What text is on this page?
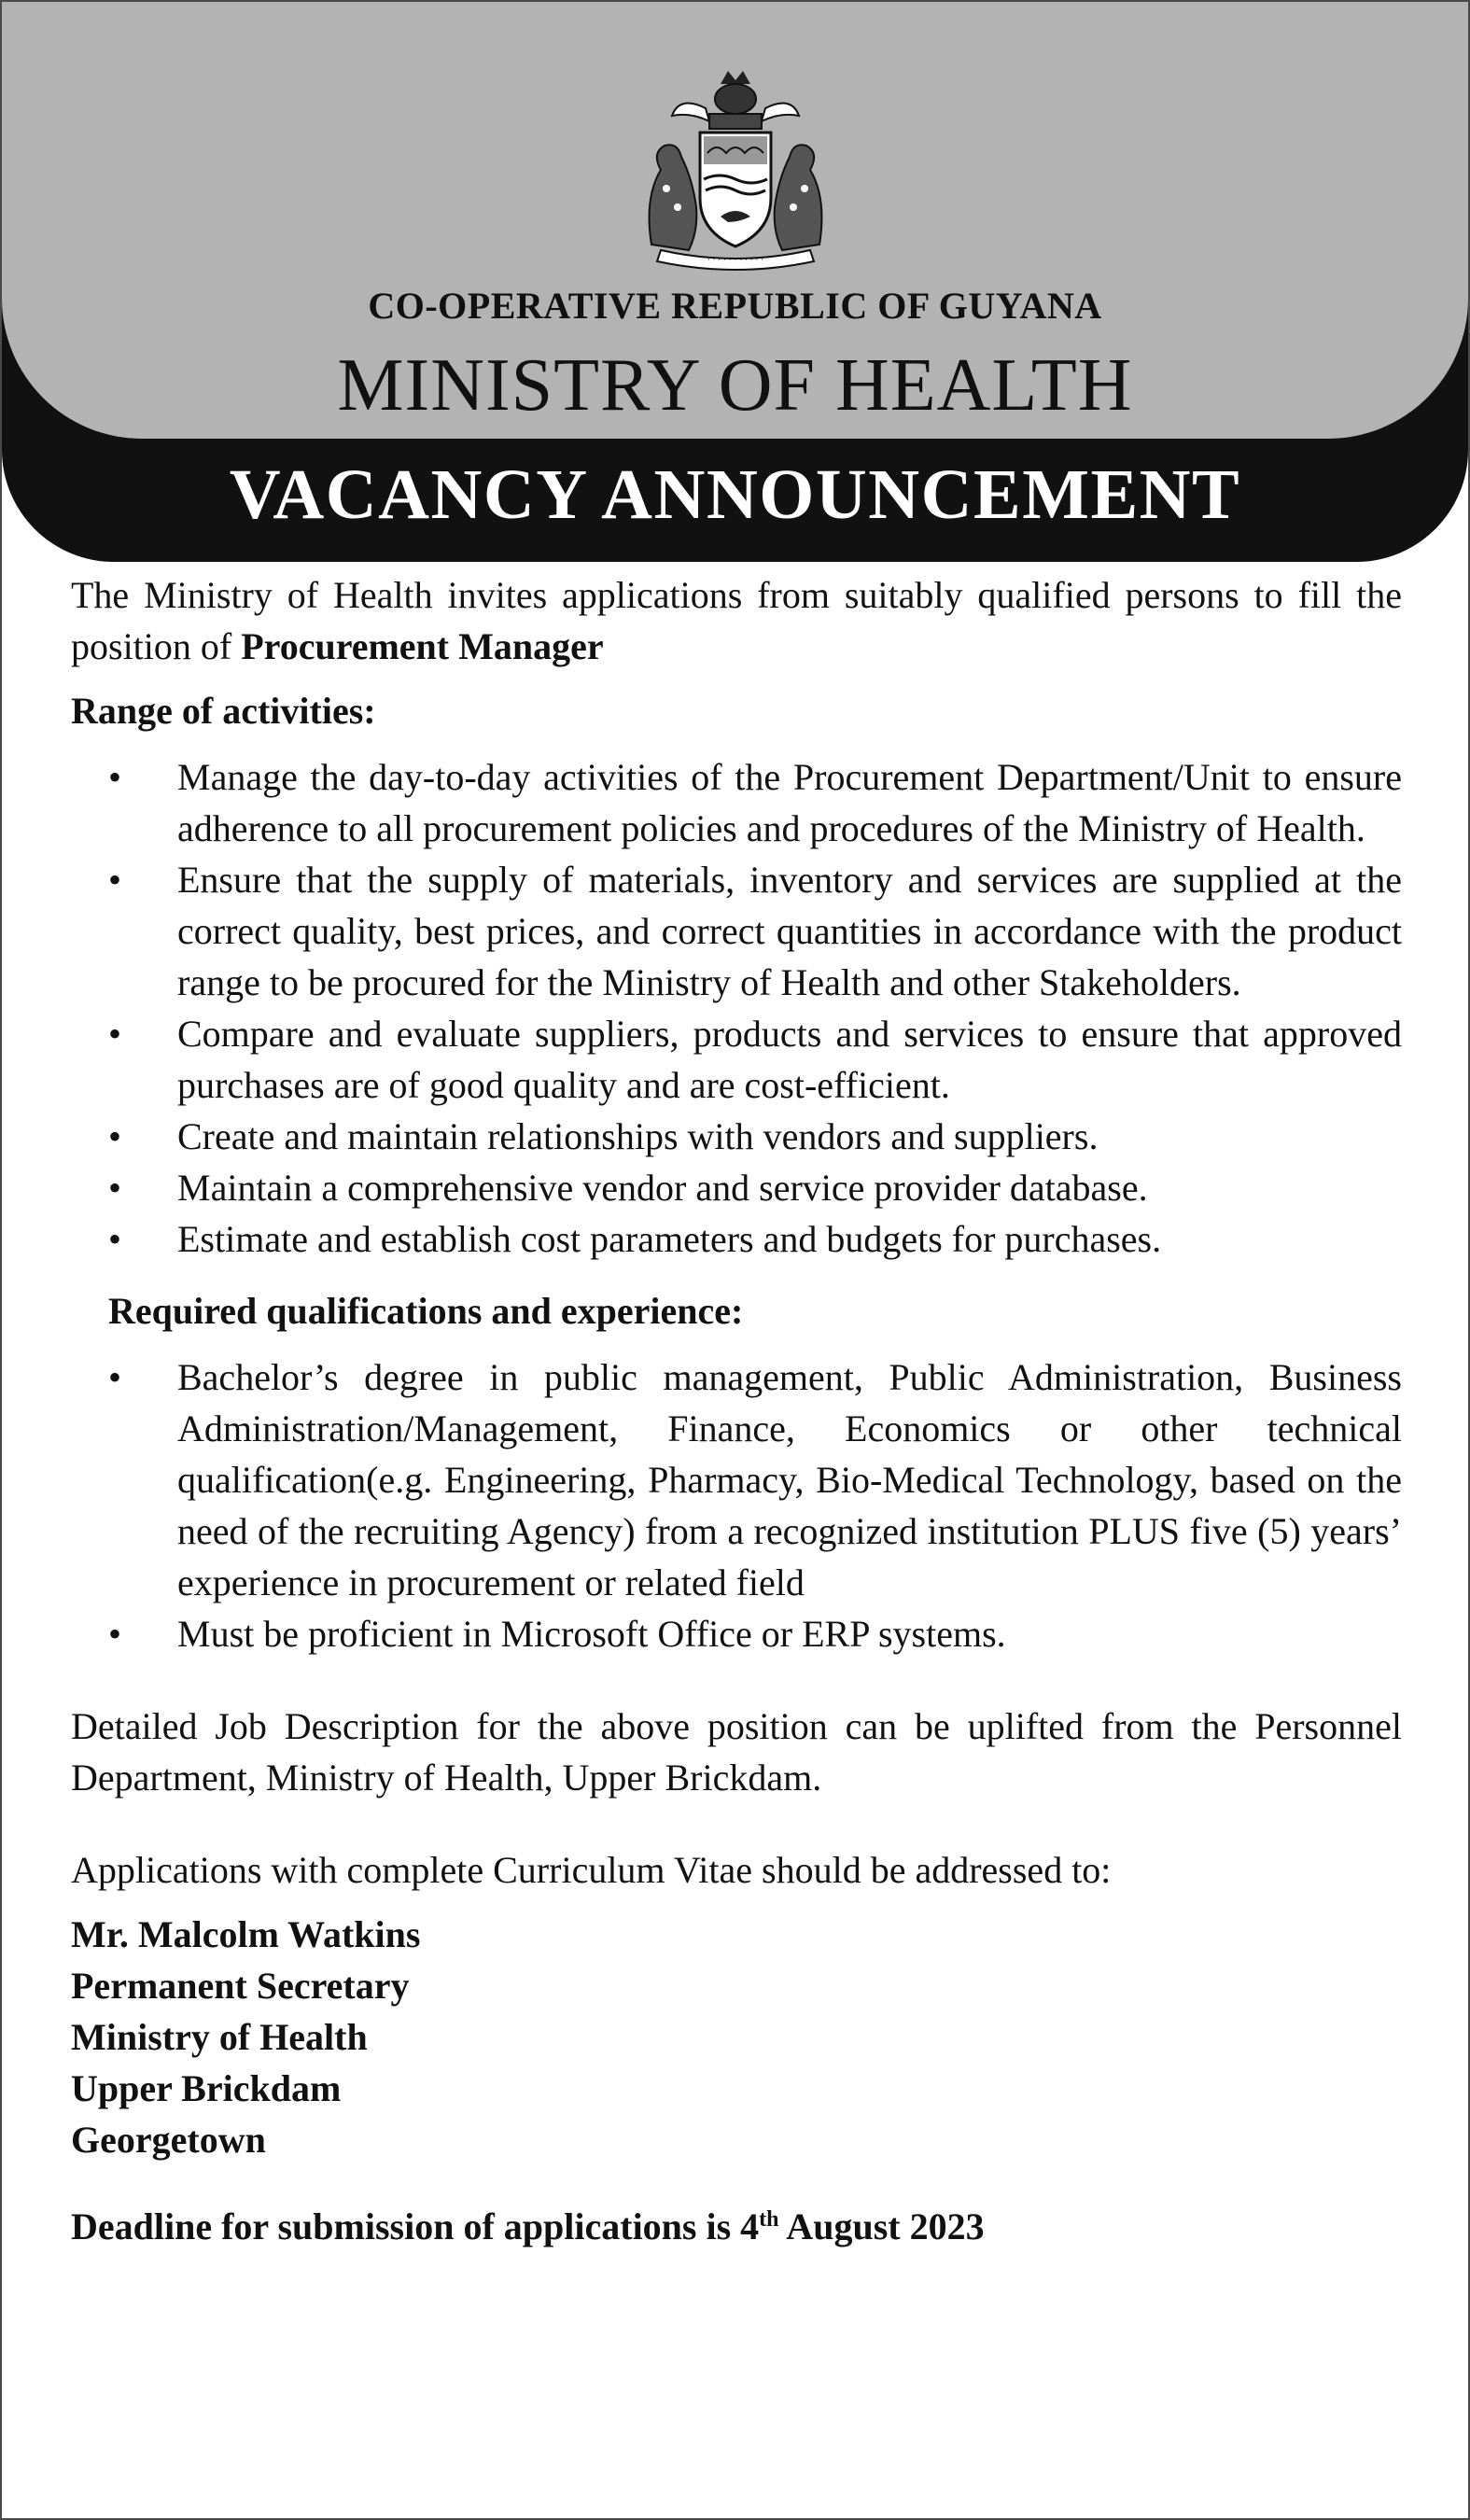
· · · · · · · · · · ·
CO-OPERATIVE REPUBLIC OF GUYANA
MINISTRY OF HEALTH
VACANCY ANNOUNCEMENT

The Ministry of Health invites applications from suitably qualified persons to fill the position of Procurement Manager

Range of activities:
• Manage the day-to-day activities of the Procurement Department/Unit to ensure adherence to all procurement policies and procedures of the Ministry of Health.
• Ensure that the supply of materials, inventory and services are supplied at the correct quality, best prices, and correct quantities in accordance with the product range to be procured for the Ministry of Health and other Stakeholders.
• Compare and evaluate suppliers, products and services to ensure that approved purchases are of good quality and are cost-efficient.
• Create and maintain relationships with vendors and suppliers.
• Maintain a comprehensive vendor and service provider database.
• Estimate and establish cost parameters and budgets for purchases.
Required qualifications and experience:
• Bachelor’s degree in public management, Public Administration, Business Administration/Management, Finance, Economics or other technical qualification(e.g. Engineering, Pharmacy, Bio-Medical Technology, based on the need of the recruiting Agency) from a recognized institution PLUS five (5) years’ experience in procurement or related field
• Must be proficient in Microsoft Office or ERP systems.

Detailed Job Description for the above position can be uplifted from the Personnel Department, Ministry of Health, Upper Brickdam.

Applications with complete Curriculum Vitae should be addressed to:

Mr. Malcolm Watkins
Permanent Secretary
Ministry of Health
Upper Brickdam
Georgetown
Deadline for submission of applications is 4th August 2023
